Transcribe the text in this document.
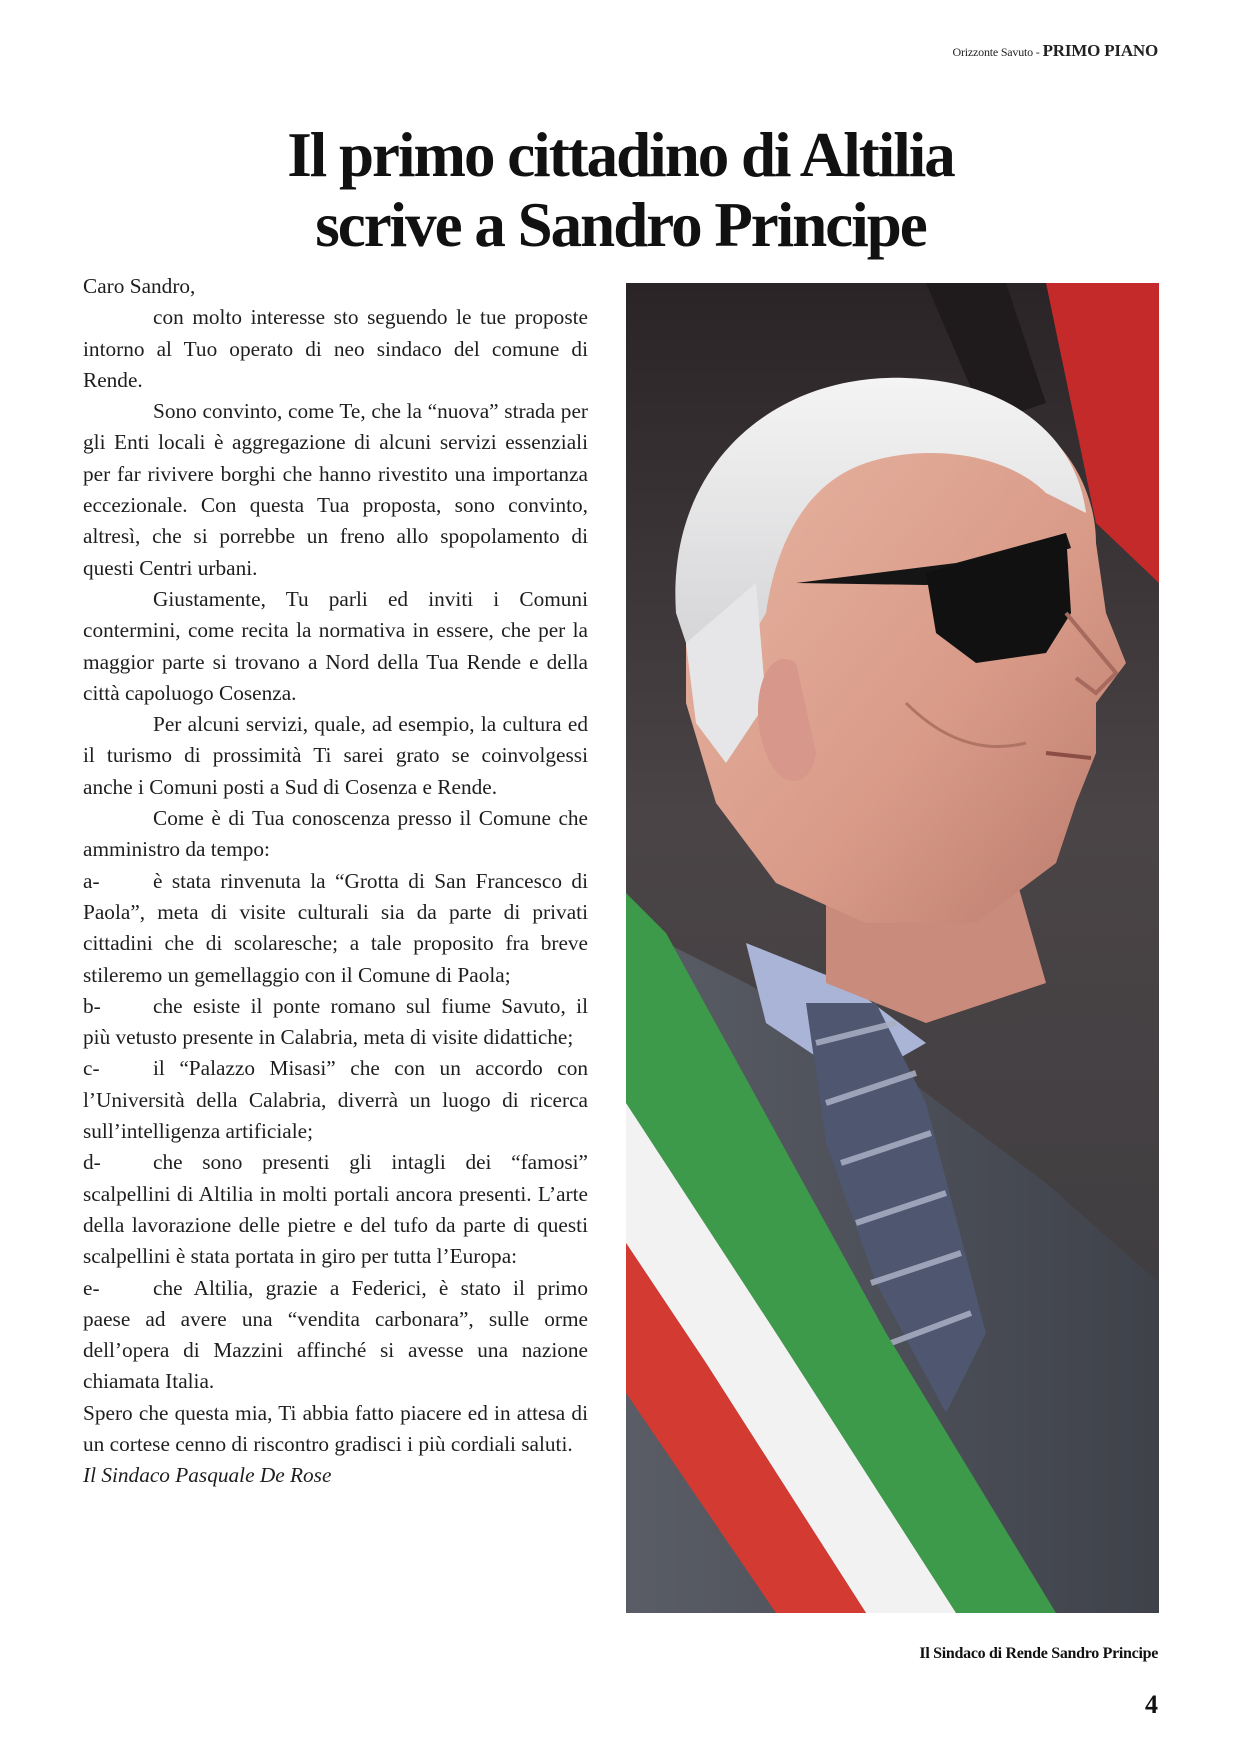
Orizzonte Savuto - PRIMO PIANO
Il primo cittadino di Altilia
scrive a Sandro Principe

Caro Sandro,

con molto interesse sto seguendo le tue proposte intorno al Tuo operato di neo sindaco del comune di Rende.

Sono convinto, come Te, che la “nuova” strada per gli Enti locali è aggregazione di alcuni servizi essenziali per far rivivere borghi che hanno rivestito una importanza eccezionale. Con questa Tua proposta, sono convinto, altresì, che si porrebbe un freno allo spopolamento di questi Centri urbani.

Giustamente, Tu parli ed inviti i Comuni contermini, come recita la normativa in essere, che per la maggior parte si trovano a Nord della Tua Rende e della città capoluogo Cosenza.

Per alcuni servizi, quale, ad esempio, la cultura ed il turismo di prossimità Ti sarei grato se coinvolgessi anche i Comuni posti a Sud di Cosenza e Rende.

Come è di Tua conoscenza presso il Comune che amministro da tempo:

a-	è stata rinvenuta la “Grotta di San Francesco di

Paola”, meta di visite culturali sia da parte di privati cittadini che di scolaresche; a tale proposito fra breve stileremo un gemellaggio con il Comune di Paola;

b-	che esiste il ponte romano sul fiume Savuto, il

più vetusto presente in Calabria, meta di visite didattiche;

c-	il “Palazzo Misasi” che con un accordo con

l’Università della Calabria, diverrà un luogo di ricerca sull’intelligenza artificiale;

d-	che sono presenti gli intagli dei “famosi”

scalpellini di Altilia in molti portali ancora presenti. L’arte della lavorazione delle pietre e del tufo da parte di questi scalpellini è stata portata in giro per tutta l’Europa:

e-	che Altilia, grazie a Federici, è stato il primo

paese ad avere una “vendita carbonara”, sulle orme dell’opera di Mazzini affinché si avesse una nazione chiamata Italia.

Spero che questa mia, Ti abbia fatto piacere ed in attesa di un cortese cenno di riscontro gradisci i più cordiali saluti.

Il Sindaco Pasquale De Rose

Il Sindaco di Rende Sandro Principe
4
